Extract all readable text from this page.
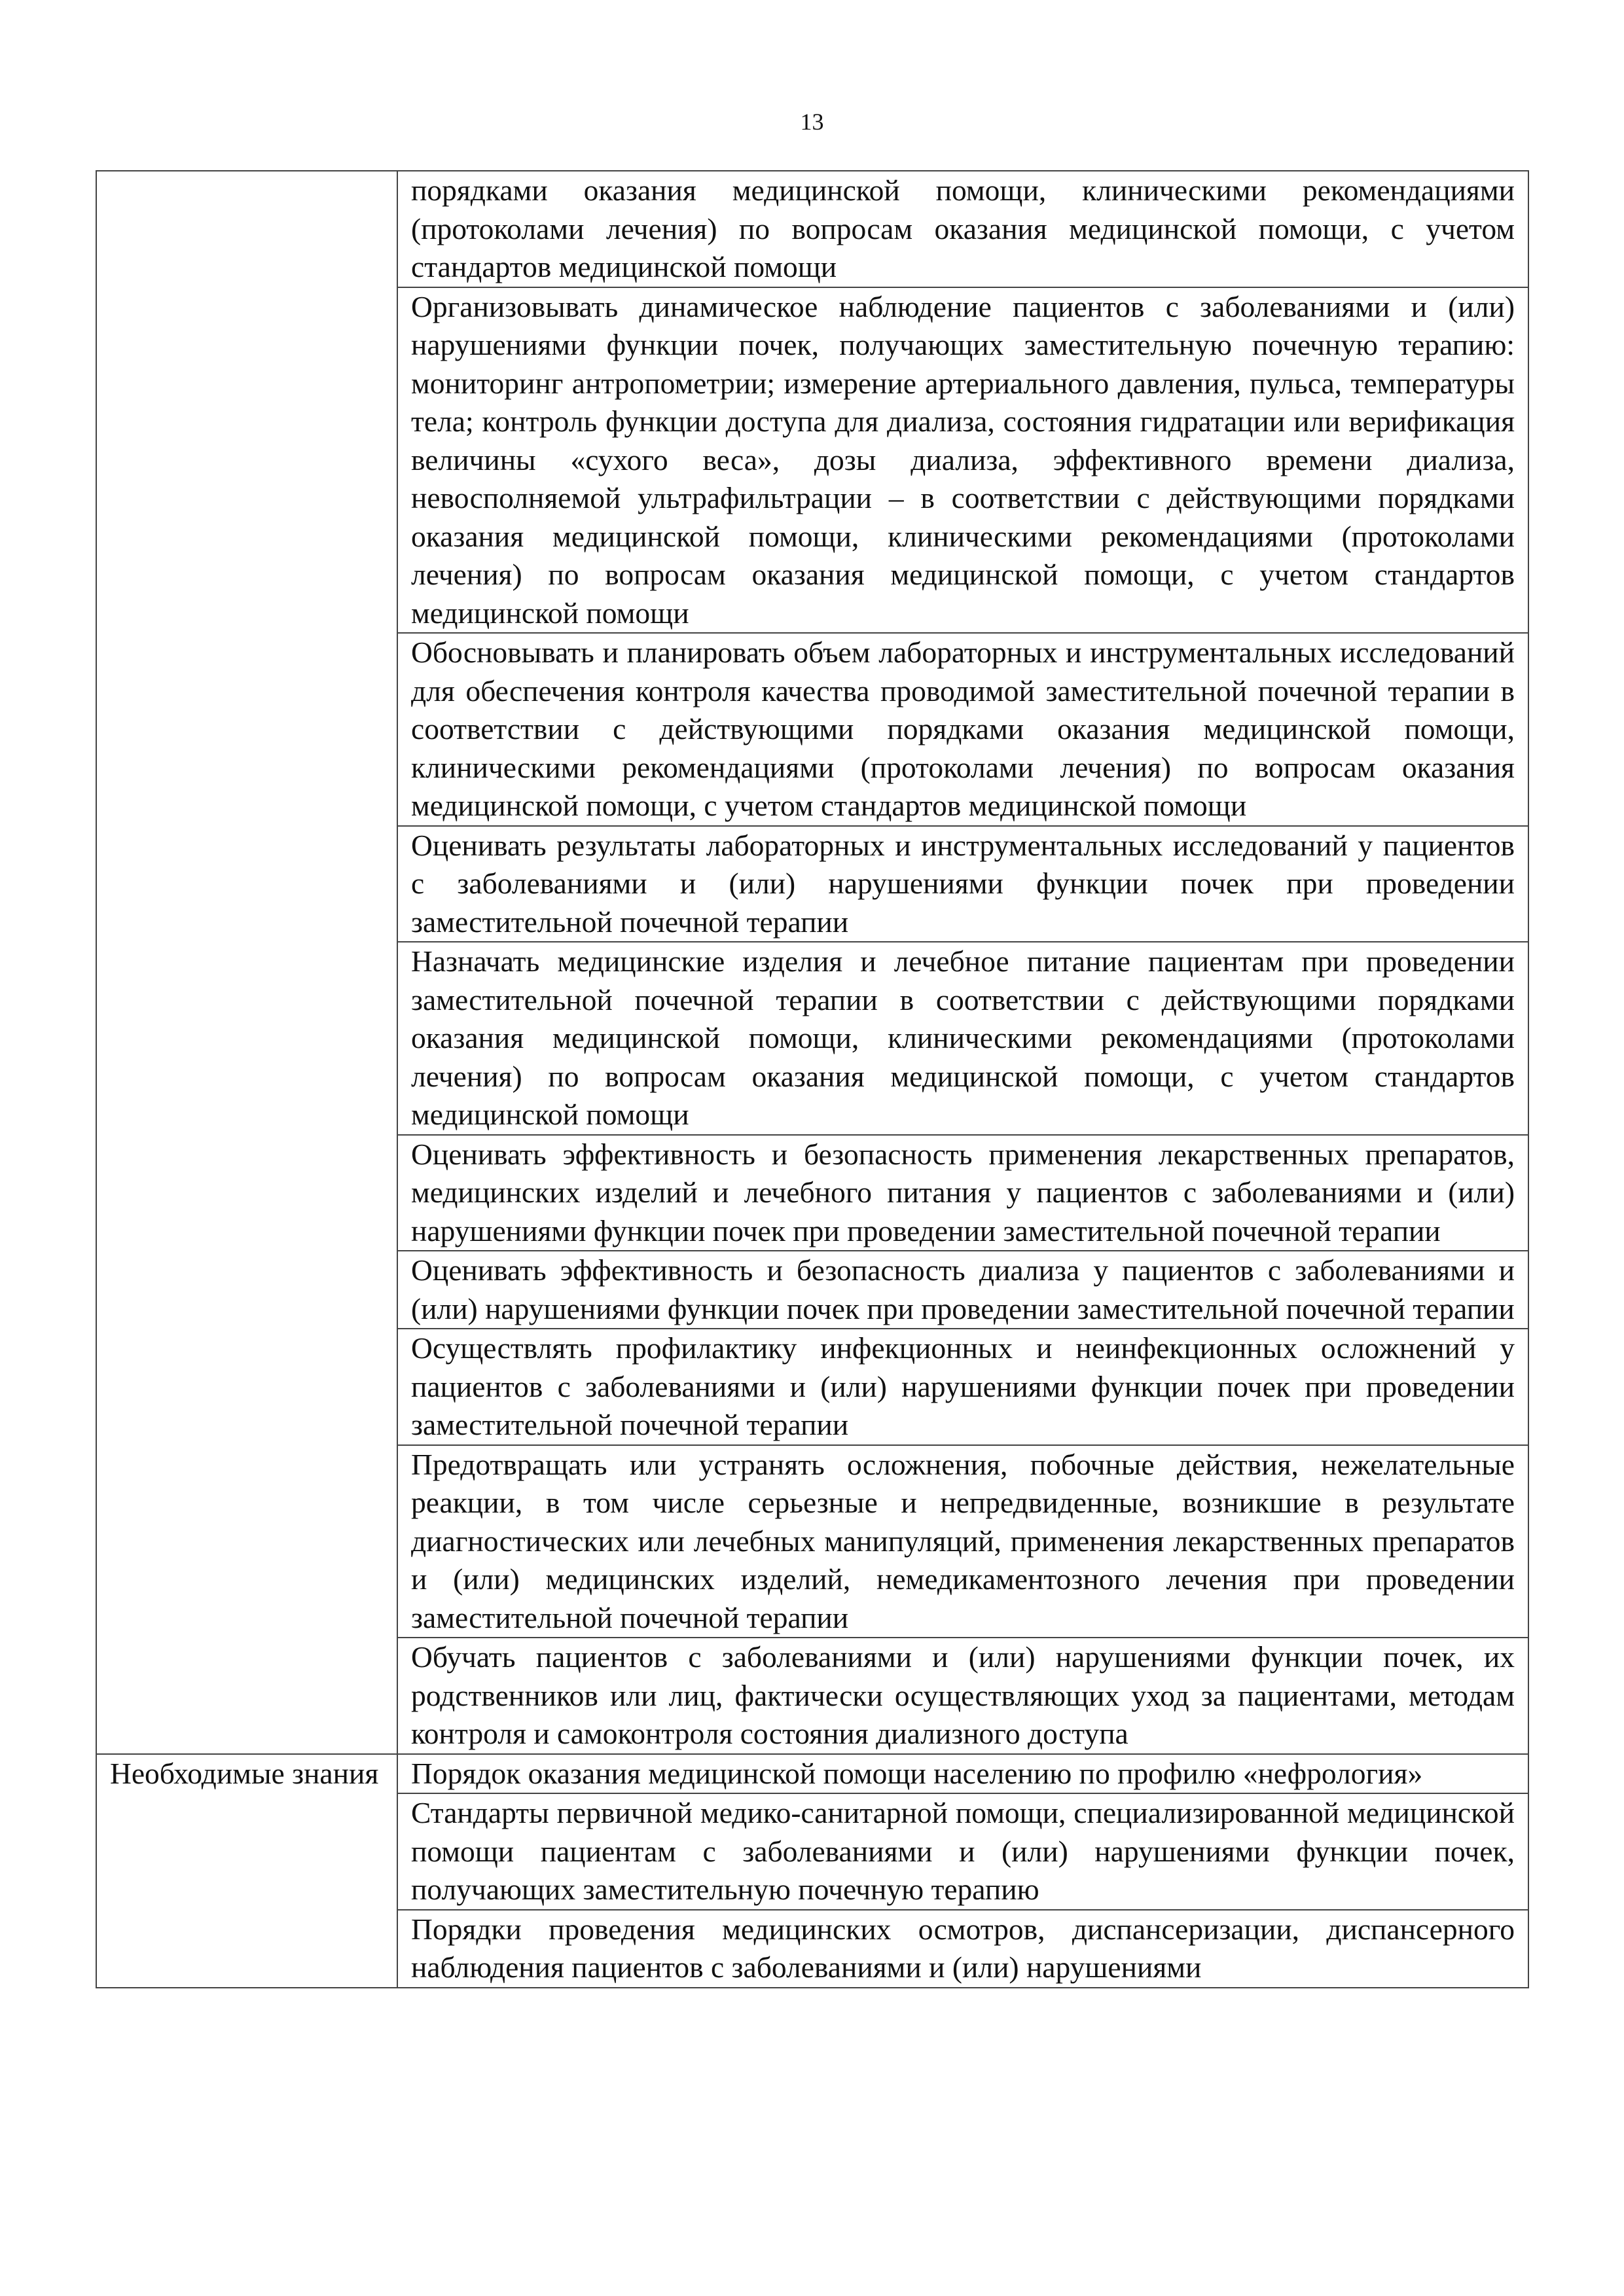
13
	порядками оказания медицинской помощи, клиническими рекомендациями (протоколами лечения) по вопросам оказания медицинской помощи, с учетом стандартов медицинской помощи
	Организовывать динамическое наблюдение пациентов с заболеваниями и (или) нарушениями функции почек, получающих заместительную почечную терапию: мониторинг антропометрии; измерение артериального давления, пульса, температуры тела; контроль функции доступа для диализа, состояния гидратации или верификация величины «сухого веса», дозы диализа, эффективного времени диализа, невосполняемой ультрафильтрации – в соответствии с действующими порядками оказания медицинской помощи, клиническими рекомендациями (протоколами лечения) по вопросам оказания медицинской помощи, с учетом стандартов медицинской помощи
	Обосновывать и планировать объем лабораторных и инструментальных исследований для обеспечения контроля качества проводимой заместительной почечной терапии в соответствии с действующими порядками оказания медицинской помощи, клиническими рекомендациями (протоколами лечения) по вопросам оказания медицинской помощи, с учетом стандартов медицинской помощи
	Оценивать результаты лабораторных и инструментальных исследований у пациентов с заболеваниями и (или) нарушениями функции почек при проведении заместительной почечной терапии
	Назначать медицинские изделия и лечебное питание пациентам при проведении заместительной почечной терапии в соответствии с действующими порядками оказания медицинской помощи, клиническими рекомендациями (протоколами лечения) по вопросам оказания медицинской помощи, с учетом стандартов медицинской помощи
	Оценивать эффективность и безопасность применения лекарственных препаратов, медицинских изделий и лечебного питания у пациентов с заболеваниями и (или) нарушениями функции почек при проведении заместительной почечной терапии
	Оценивать эффективность и безопасность диализа у пациентов с заболеваниями и (или) нарушениями функции почек при проведении заместительной почечной терапии
	Осуществлять профилактику инфекционных и неинфекционных осложнений у пациентов с заболеваниями и (или) нарушениями функции почек при проведении заместительной почечной терапии
	Предотвращать или устранять осложнения, побочные действия, нежелательные реакции, в том числе серьезные и непредвиденные, возникшие в результате диагностических или лечебных манипуляций, применения лекарственных препаратов и (или) медицинских изделий, немедикаментозного лечения при проведении заместительной почечной терапии
	Обучать пациентов с заболеваниями и (или) нарушениями функции почек, их родственников или лиц, фактически осуществляющих уход за пациентами, методам контроля и самоконтроля состояния диализного доступа
Необходимые знания	Порядок оказания медицинской помощи населению по профилю «нефрология»
	Стандарты первичной медико-санитарной помощи, специализированной медицинской помощи пациентам с заболеваниями и (или) нарушениями функции почек, получающих заместительную почечную терапию
	Порядки проведения медицинских осмотров, диспансеризации, диспансерного наблюдения пациентов с заболеваниями и (или) нарушениями
